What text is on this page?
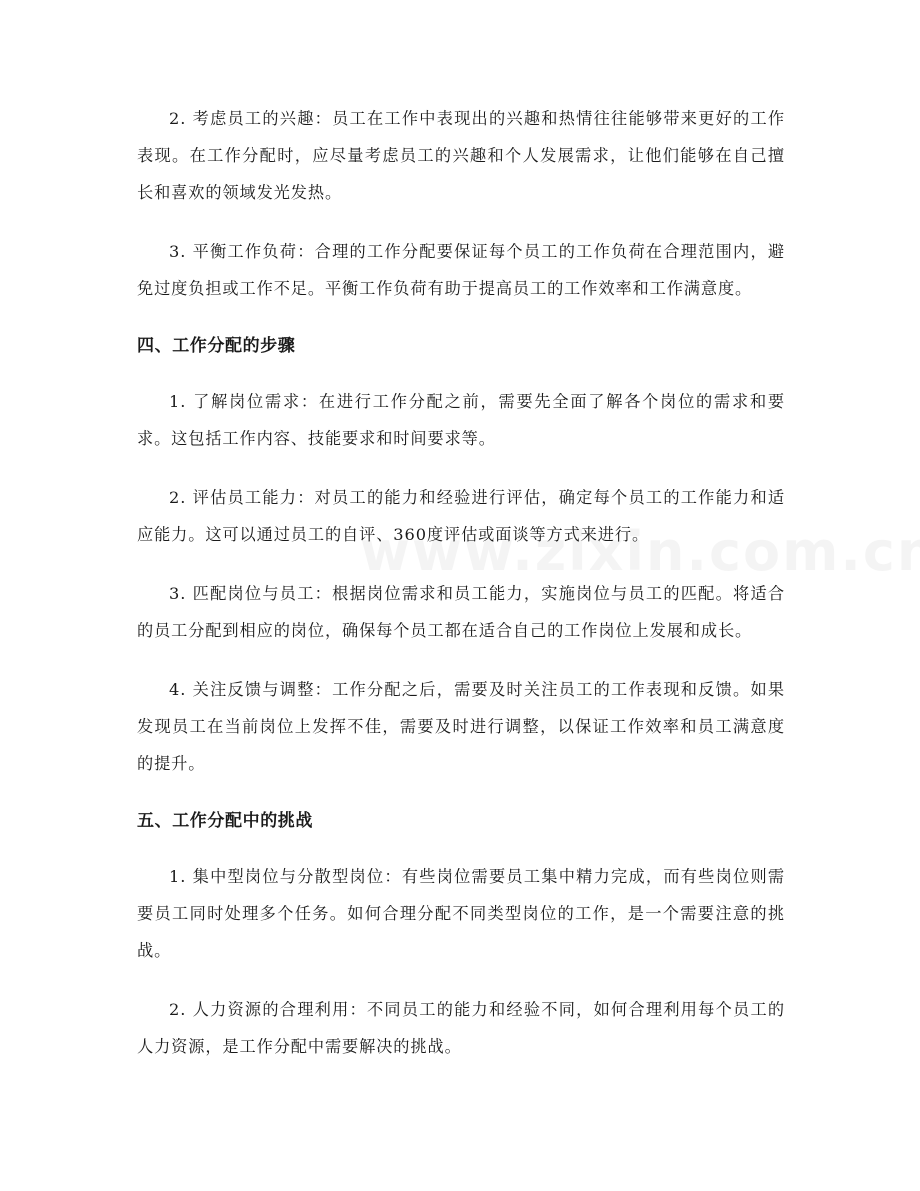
2. 考虑员工的兴趣：员工在工作中表现出的兴趣和热情往往能够带来更好的工作表现。在工作分配时，应尽量考虑员工的兴趣和个人发展需求，让他们能够在自己擅长和喜欢的领域发光发热。

3. 平衡工作负荷：合理的工作分配要保证每个员工的工作负荷在合理范围内，避免过度负担或工作不足。平衡工作负荷有助于提高员工的工作效率和工作满意度。

四、工作分配的步骤

1. 了解岗位需求：在进行工作分配之前，需要先全面了解各个岗位的需求和要求。这包括工作内容、技能要求和时间要求等。

2. 评估员工能力：对员工的能力和经验进行评估，确定每个员工的工作能力和适应能力。这可以通过员工的自评、360度评估或面谈等方式来进行。

3. 匹配岗位与员工：根据岗位需求和员工能力，实施岗位与员工的匹配。将适合的员工分配到相应的岗位，确保每个员工都在适合自己的工作岗位上发展和成长。

4. 关注反馈与调整：工作分配之后，需要及时关注员工的工作表现和反馈。如果发现员工在当前岗位上发挥不佳，需要及时进行调整，以保证工作效率和员工满意度的提升。

五、工作分配中的挑战

1. 集中型岗位与分散型岗位：有些岗位需要员工集中精力完成，而有些岗位则需要员工同时处理多个任务。如何合理分配不同类型岗位的工作，是一个需要注意的挑战。

2. 人力资源的合理利用：不同员工的能力和经验不同，如何合理利用每个员工的人力资源，是工作分配中需要解决的挑战。
